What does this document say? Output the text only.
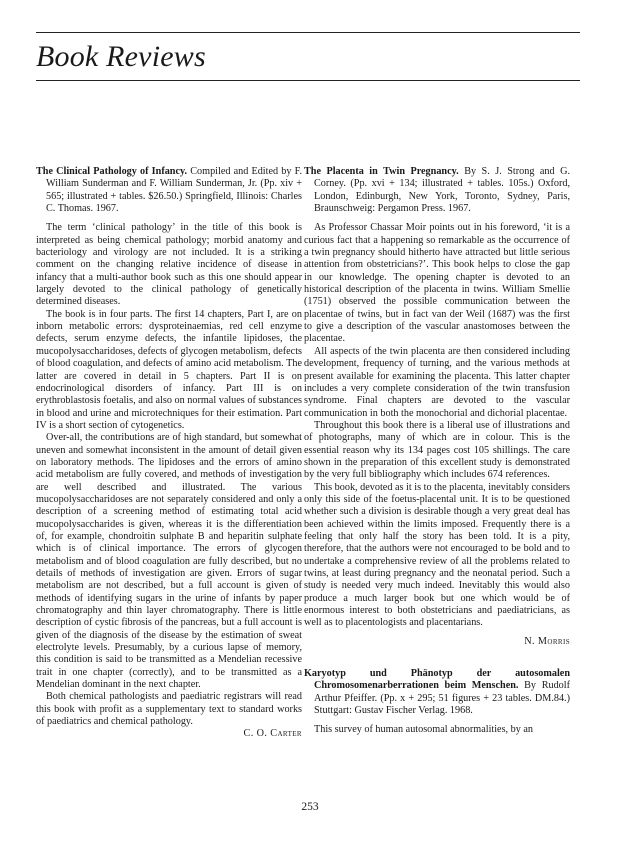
Book Reviews

The Clinical Pathology of Infancy. Compiled and Edited by F. William Sunderman and F. William Sunderman, Jr. (Pp. xiv + 565; illustrated + tables. $26.50.) Springfield, Illinois: Charles C. Thomas. 1967.

The term ‘clinical pathology’ in the title of this book is interpreted as being chemical pathology; morbid anatomy and bacteriology and virology are not included. It is a striking comment on the changing relative incidence of disease in infancy that a multi-author book such as this one should appear largely devoted to the clinical pathology of genetically determined diseases.

The book is in four parts. The first 14 chapters, Part I, are on inborn metabolic errors: dysproteinaemias, red cell enzyme defects, serum enzyme defects, the infantile lipidoses, the mucopolysaccharidoses, defects of glycogen metabolism, defects of blood coagulation, and defects of amino acid metabolism. The latter are covered in detail in 5 chapters. Part II is on endocrinological disorders of infancy. Part III is on erythroblastosis foetalis, and also on normal values of substances in blood and urine and microtechniques for their estimation. Part IV is a short section of cytogenetics.

Over-all, the contributions are of high standard, but somewhat uneven and somewhat inconsistent in the amount of detail given on laboratory methods. The lipidoses and the errors of amino acid metabolism are fully covered, and methods of investigation are well described and illustrated. The various mucopolysaccharidoses are not separately considered and only a description of a screening method of estimating total acid mucopolysaccharides is given, whereas it is the differentiation of, for example, chondroitin sulphate B and heparitin sulphate which is of clinical importance. The errors of glycogen metabolism and of blood coagulation are fully described, but no details of methods of investigation are given. Errors of sugar metabolism are not described, but a full account is given of methods of identifying sugars in the urine of infants by paper chromatography and thin layer chromatography. There is little description of cystic fibrosis of the pancreas, but a full account is given of the diagnosis of the disease by the estimation of sweat electrolyte levels. Presumably, by a curious lapse of memory, this condition is said to be transmitted as a Mendelian recessive trait in one chapter (correctly), and to be transmitted as a Mendelian dominant in the next chapter.

Both chemical pathologists and paediatric registrars will read this book with profit as a supplementary text to standard works of paediatrics and chemical pathology.

C. O. Carter

The Placenta in Twin Pregnancy. By S. J. Strong and G. Corney. (Pp. xvi + 134; illustrated + tables. 105s.) Oxford, London, Edinburgh, New York, Toronto, Sydney, Paris, Braunschweig: Pergamon Press. 1967.

As Professor Chassar Moir points out in his foreword, ‘it is a curious fact that a happening so remarkable as the occurrence of a twin pregnancy should hitherto have attracted but little serious attention from obstetricians?’. This book helps to close the gap in our knowledge. The opening chapter is devoted to an historical description of the placenta in twins. William Smellie (1751) observed the possible communication between the placentae of twins, but in fact van der Weil (1687) was the first to give a description of the vascular anastomoses between the placentae.

All aspects of the twin placenta are then considered including development, frequency of turning, and the various methods at present available for examining the placenta. This latter chapter includes a very complete consideration of the twin transfusion syndrome. Final chapters are devoted to the vascular communication in both the monochorial and dichorial placentae.

Throughout this book there is a liberal use of illustrations and of photographs, many of which are in colour. This is the essential reason why its 134 pages cost 105 shillings. The care shown in the preparation of this excellent study is demonstrated by the very full bibliography which includes 674 references.

This book, devoted as it is to the placenta, inevitably considers only this side of the foetus-placental unit. It is to be questioned whether such a division is desirable though a very great deal has been achieved within the limits imposed. Frequently there is a feeling that only half the story has been told. It is a pity, therefore, that the authors were not encouraged to be bold and to undertake a comprehensive review of all the problems related to twins, at least during pregnancy and the neonatal period. Such a study is needed very much indeed. Inevitably this would also produce a much larger book but one which would be of enormous interest to both obstetricians and paediatricians, as well as to placentologists and placentarians.

N. Morris

Karyotyp und Phänotyp der autosomalen Chromosomenarberrationen beim Menschen. By Rudolf Arthur Pfeiffer. (Pp. x + 295; 51 figures + 23 tables. DM.84.) Stuttgart: Gustav Fischer Verlag. 1968.

This survey of human autosomal abnormalities, by an

253
